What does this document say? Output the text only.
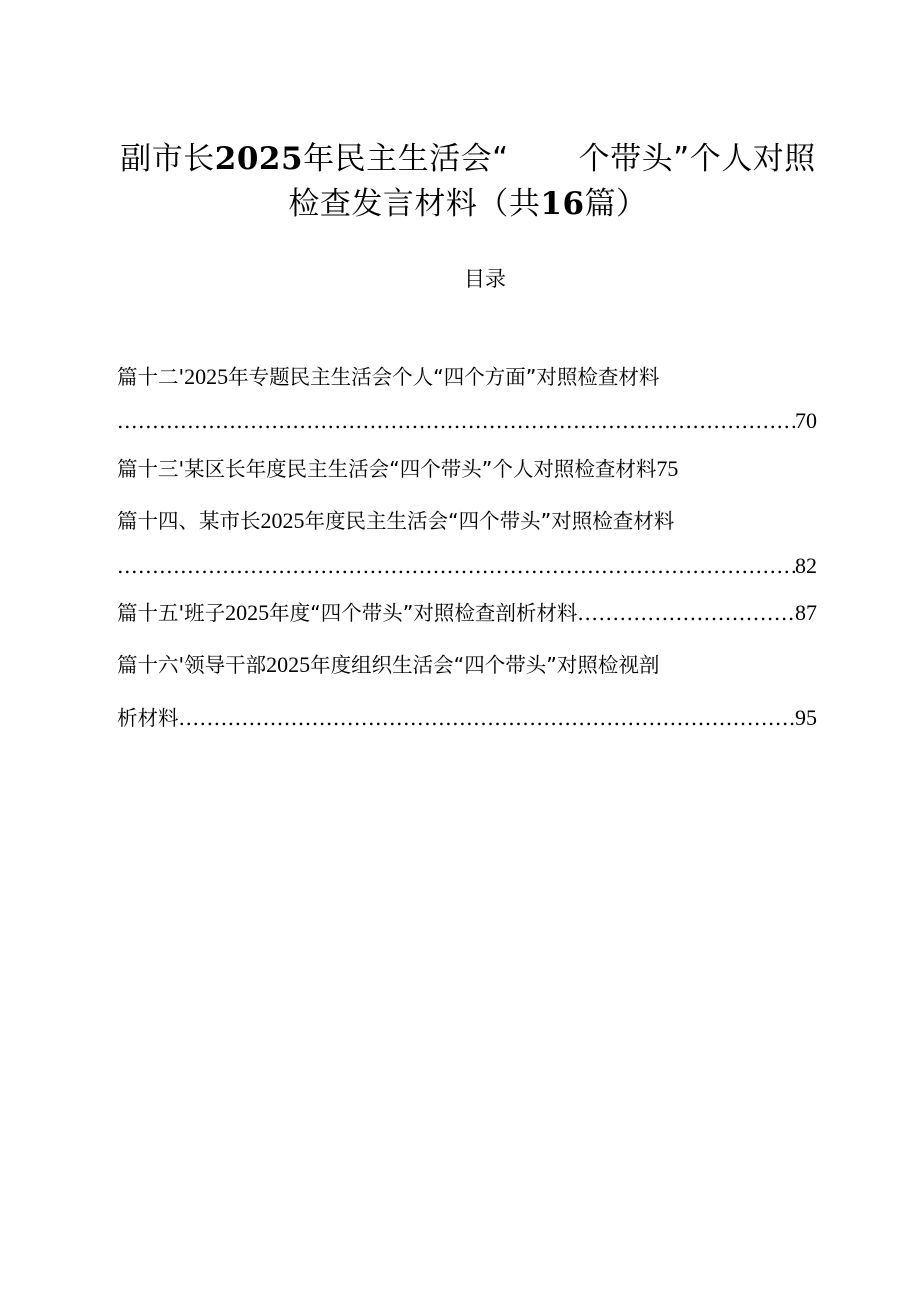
副市长2025年民主生活会“ 个带头”个人对照
检查发言材料（共16篇）
目录
篇十二'2025年专题民主生活会个人“四个方面”对照检查材料
.....
70
篇十三'某区长年度民主生活会“四个带头”个人对照检查材料 75
篇十四、某市长2025年度民主生活会“四个带头”对照检查材料
.....
82
篇十五'班子2025年度“四个带头”对照检查剖析材料 .....	87
篇十六'领导干部2025年度组织生活会“四个带头”对照检视剖
析材料 .....	95
